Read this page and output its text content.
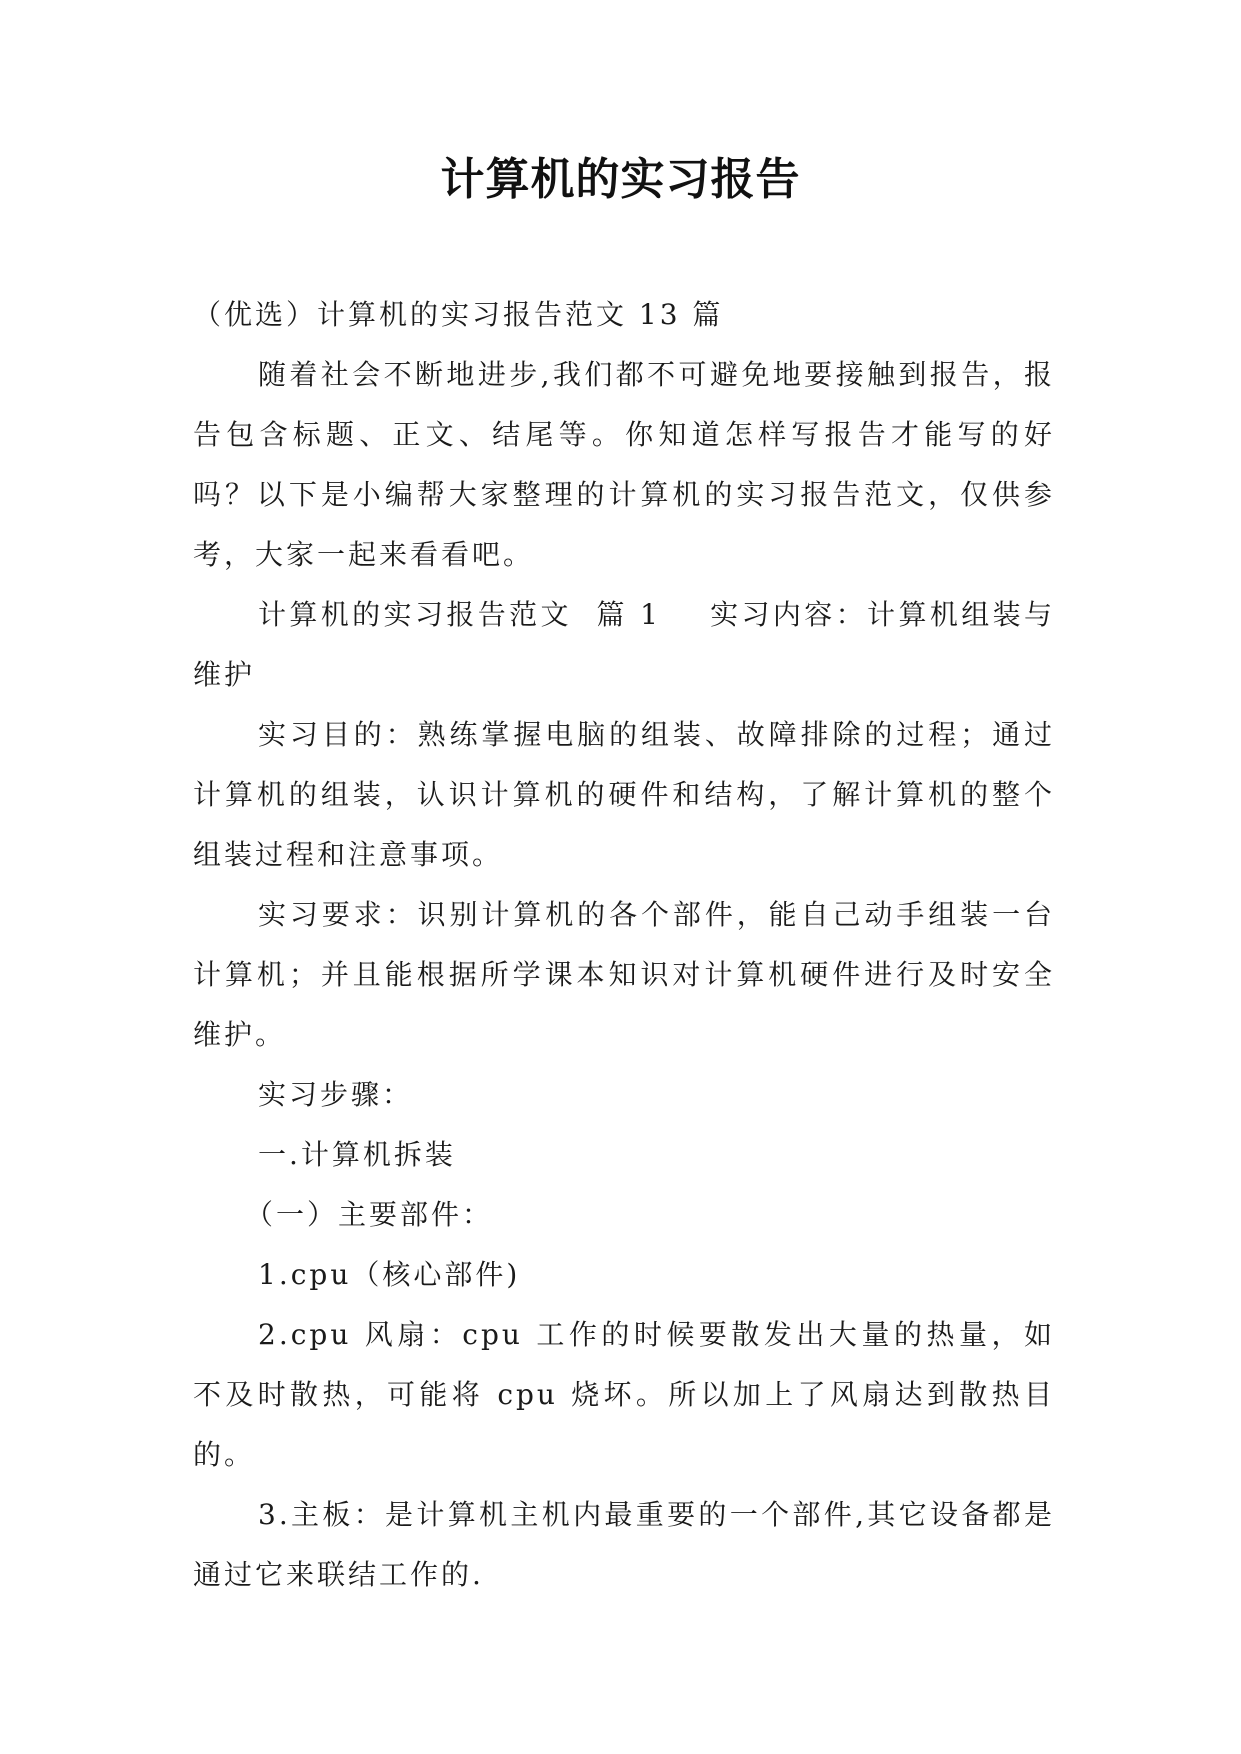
计算机的实习报告

（优选）计算机的实习报告范文 13 篇

随着社会不断地进步,我们都不可避免地要接触到报告，报告包含标题、正文、结尾等。你知道怎样写报告才能写的好吗？以下是小编帮大家整理的计算机的实习报告范文，仅供参考，大家一起来看看吧。

计算机的实习报告范文  篇 1    实习内容：计算机组装与维护

实习目的：熟练掌握电脑的组装、故障排除的过程；通过计算机的组装，认识计算机的硬件和结构，了解计算机的整个组装过程和注意事项。

实习要求：识别计算机的各个部件，能自己动手组装一台计算机；并且能根据所学课本知识对计算机硬件进行及时安全维护。

实习步骤：

一.计算机拆装

（一）主要部件：

1.cpu（核心部件)

2.cpu 风扇：cpu 工作的时候要散发出大量的热量，如不及时散热，可能将 cpu 烧坏。所以加上了风扇达到散热目的。

3.主板：是计算机主机内最重要的一个部件,其它设备都是通过它来联结工作的.
